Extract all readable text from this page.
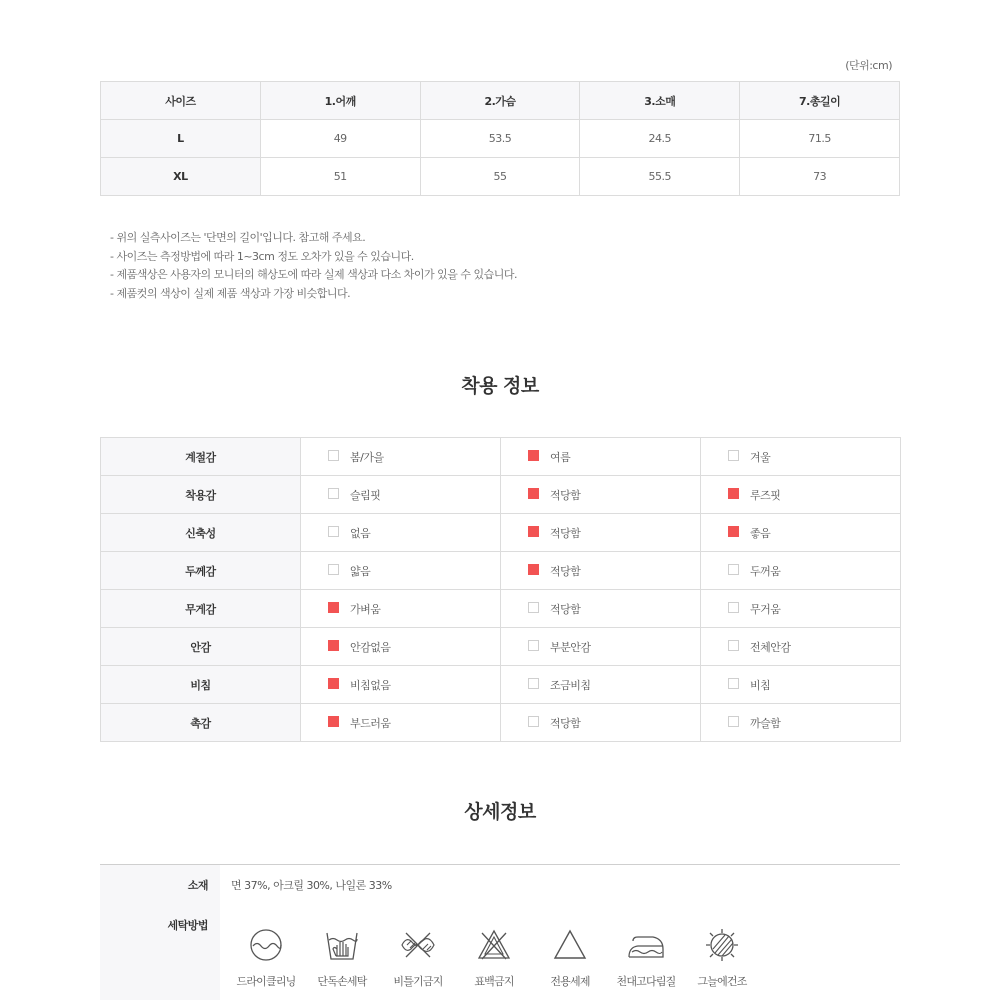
(단위:cm)
사이즈	1.어깨	2.가슴	3.소매	7.총길이
L	49	53.5	24.5	71.5
XL	51	55	55.5	73
- 위의 실측사이즈는 '단면의 길이'입니다. 참고해 주세요.
- 사이즈는 측정방법에 따라 1~3cm 정도 오차가 있을 수 있습니다.
- 제품색상은 사용자의 모니터의 해상도에 따라 실제 색상과 다소 차이가 있을 수 있습니다.
- 제품컷의 색상이 실제 제품 색상과 가장 비슷합니다.
착용 정보
계절감	봄/가을	여름	겨울
착용감	슬림핏	적당함	루즈핏
신축성	없음	적당함	좋음
두께감	얇음	적당함	두꺼움
무게감	가벼움	적당함	무거움
안감	안감없음	부분안감	전체안감
비침	비침없음	조금비침	비침
촉감	부드러움	적당함	까슬함
상세정보
소재 면 37%, 아크릴 30%, 나일론 33%
세탁방법
드라이클리닝	단독손세탁	비틀기금지	표백금지	전용세제	천대고다림질	그늘에건조
